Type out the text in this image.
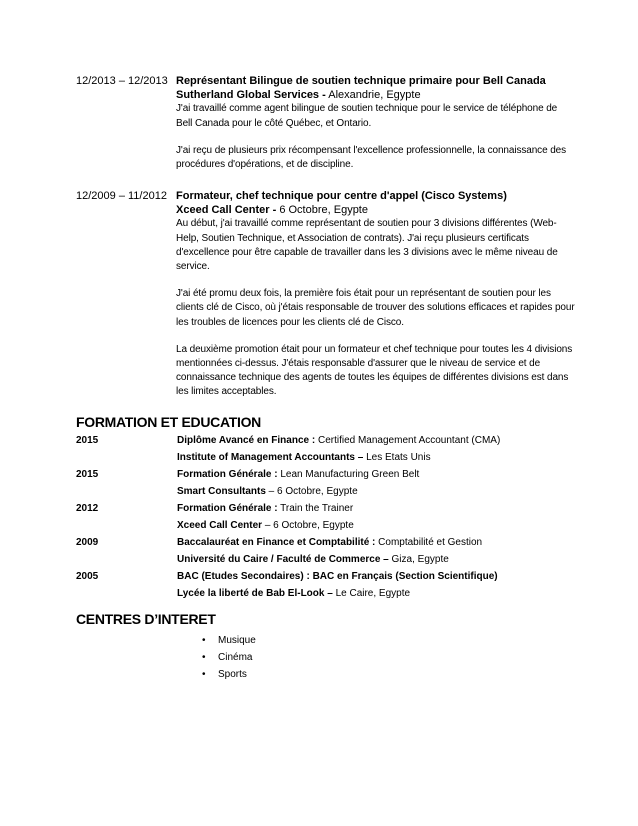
12/2013 – 12/2013 Représentant Bilingue de soutien technique primaire pour Bell Canada
Sutherland Global Services - Alexandrie, Egypte

J'ai travaillé comme agent bilingue de soutien technique pour le service de téléphone de Bell Canada pour le côté Québec, et Ontario.

J'ai reçu de plusieurs prix récompensant l'excellence professionnelle, la connaissance des procédures d'opérations, et de discipline.

12/2009 – 11/2012 Formateur, chef technique pour centre d'appel (Cisco Systems)
Xceed Call Center - 6 Octobre, Egypte

Au début, j'ai travaillé comme représentant de soutien pour 3 divisions différentes (Web-Help, Soutien Technique, et Association de contrats). J'ai reçu plusieurs certificats d'excellence pour être capable de travailler dans les 3 divisions avec le même niveau de service.

J'ai été promu deux fois, la première fois était pour un représentant de soutien pour les clients clé de Cisco, où j'étais responsable de trouver des solutions efficaces et rapides pour les troubles de licences pour les clients clé de Cisco.

La deuxième promotion était pour un formateur et chef technique pour toutes les 4 divisions mentionnées ci-dessus. J'étais responsable d'assurer que le niveau de service et de connaissance technique des agents de toutes les équipes de différentes divisions est dans les limites acceptables.

FORMATION ET EDUCATION
2015	Diplôme Avancé en Finance : Certified Management Accountant (CMA)
Institute of Management Accountants – Les Etats Unis
2015	Formation Générale : Lean Manufacturing Green Belt
Smart Consultants – 6 Octobre, Egypte
2012	Formation Générale : Train the Trainer
Xceed Call Center – 6 Octobre, Egypte
2009	Baccalauréat en Finance et Comptabilité : Comptabilité et Gestion
Université du Caire / Faculté de Commerce – Giza, Egypte
2005	BAC (Etudes Secondaires) : BAC en Français (Section Scientifique)
Lycée la liberté de Bab El-Look – Le Caire, Egypte
CENTRES D’INTERET
• Musique
• Cinéma
• Sports
